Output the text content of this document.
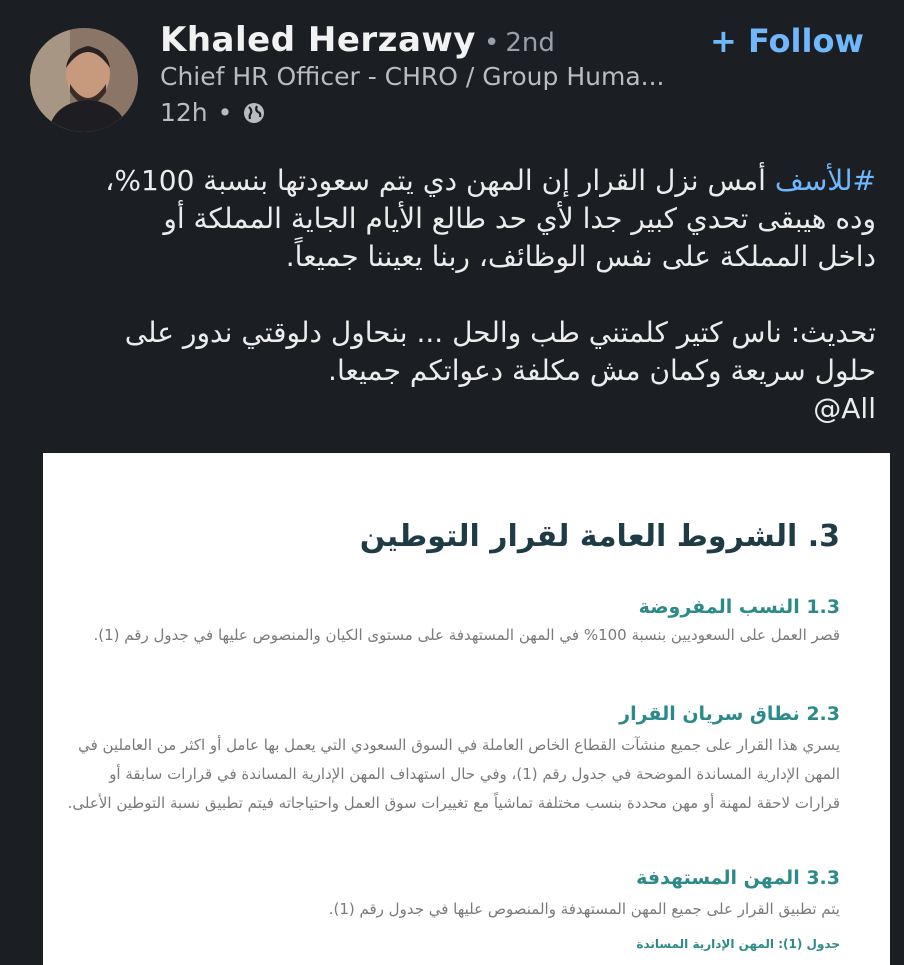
Khaled Herzawy • 2nd	+ Follow
Chief HR Officer - CHRO / Group Huma...
12h •

#للأسف أمس نزل القرار إن المهن دي يتم سعودتها بنسبة 100%،

وده هيبقى تحدي كبير جدا لأي حد طالع الأيام الجاية المملكة أو

داخل المملكة على نفس الوظائف، ربنا يعيننا جميعاً.

تحديث: ناس كتير كلمتني طب والحل ... بنحاول دلوقتي ندور على

حلول سريعة وكمان مش مكلفة دعواتكم جميعا.

@All

3. الشروط العامة لقرار التوطين
1.3 النسب المفروضة
قصر العمل على السعوديين بنسبة 100% في المهن المستهدفة على مستوى الكيان والمنصوص عليها في جدول رقم (1).
2.3 نطاق سريان القرار
يسري هذا القرار على جميع منشآت القطاع الخاص العاملة في السوق السعودي التي يعمل بها عامل أو اكثر من العاملين في المهن الإدارية المساندة الموضحة في جدول رقم (1)، وفي حال استهداف المهن الإدارية المساندة في قرارات سابقة أو قرارات لاحقة لمهنة أو مهن محددة بنسب مختلفة تماشياً مع تغييرات سوق العمل واحتياجاته فيتم تطبيق نسبة التوطين الأعلى.
3.3 المهن المستهدفة
يتم تطبيق القرار على جميع المهن المستهدفة والمنصوص عليها في جدول رقم (1).
جدول (1): المهن الإدارية المساندة
